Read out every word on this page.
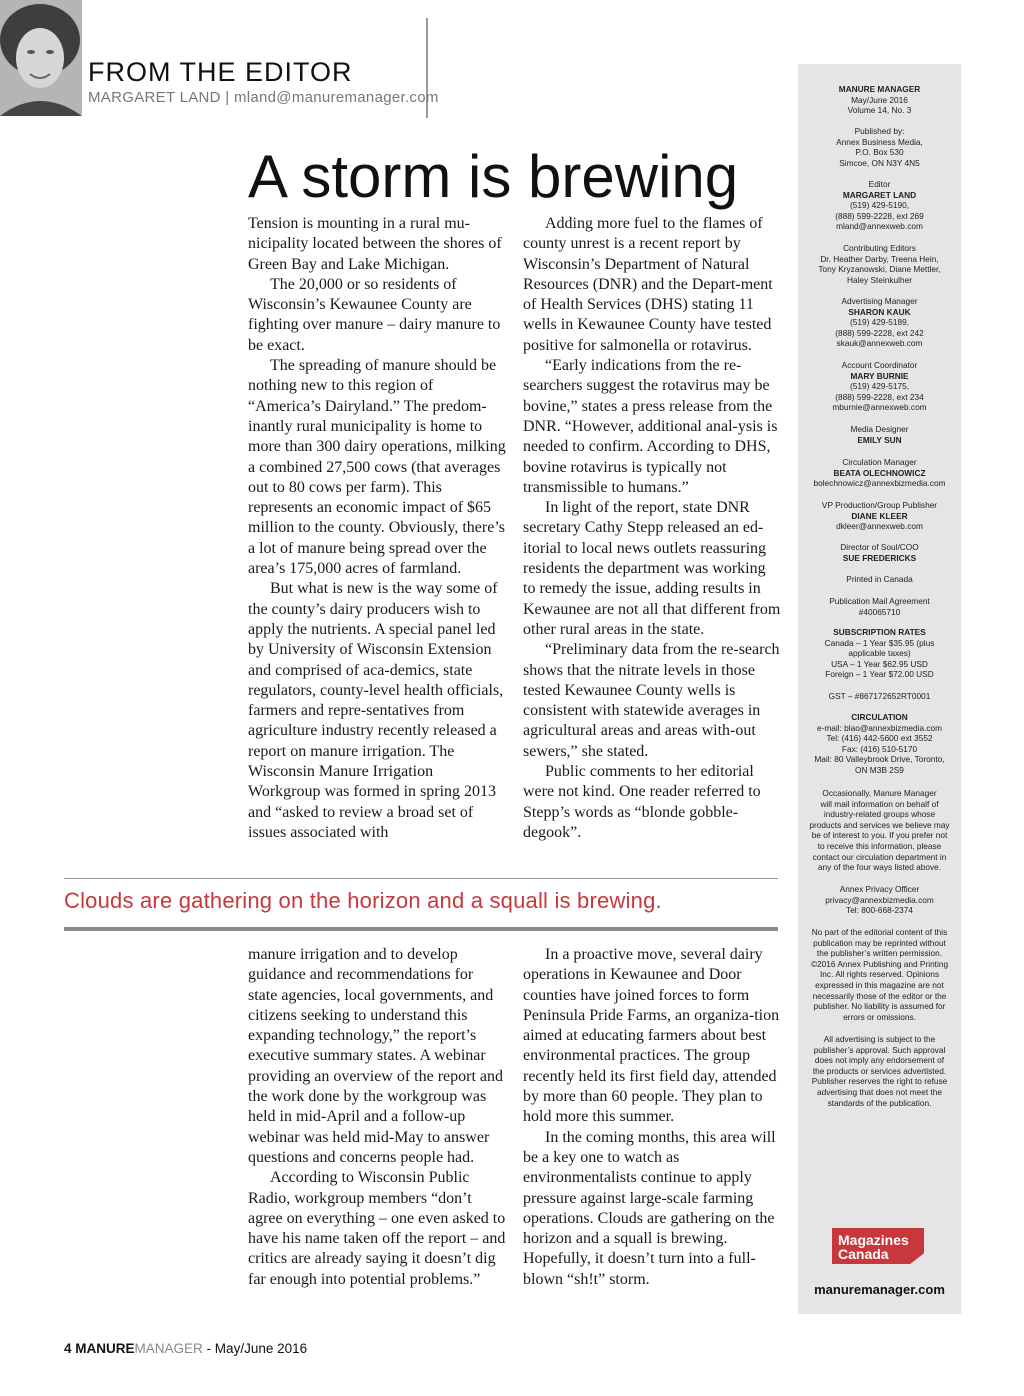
FROM THE EDITOR
MARGARET LAND | mland@manuremanager.com
A storm is brewing

Tension is mounting in a rural mu-nicipality located between the shores of Green Bay and Lake Michigan.

The 20,000 or so residents of Wisconsin’s Kewaunee County are fighting over manure – dairy manure to be exact.

The spreading of manure should be nothing new to this region of “America’s Dairyland.” The predom-inantly rural municipality is home to more than 300 dairy operations, milking a combined 27,500 cows (that averages out to 80 cows per farm). This represents an economic impact of $65 million to the county. Obviously, there’s a lot of manure being spread over the area’s 175,000 acres of farmland.

But what is new is the way some of the county’s dairy producers wish to apply the nutrients. A special panel led by University of Wisconsin Extension and comprised of aca-demics, state regulators, county-level health officials, farmers and repre-sentatives from agriculture industry recently released a report on manure irrigation. The Wisconsin Manure Irrigation Workgroup was formed in spring 2013 and “asked to review a broad set of issues associated with

Adding more fuel to the flames of county unrest is a recent report by Wisconsin’s Department of Natural Resources (DNR) and the Depart-ment of Health Services (DHS) stating 11 wells in Kewaunee County have tested positive for salmonella or rotavirus.

“Early indications from the re-searchers suggest the rotavirus may be bovine,” states a press release from the DNR. “However, additional anal-ysis is needed to confirm. According to DHS, bovine rotavirus is typically not transmissible to humans.”

In light of the report, state DNR secretary Cathy Stepp released an ed-itorial to local news outlets reassuring residents the department was working to remedy the issue, adding results in Kewaunee are not all that different from other rural areas in the state.

“Preliminary data from the re-search shows that the nitrate levels in those tested Kewaunee County wells is consistent with statewide averages in agricultural areas and areas with-out sewers,” she stated.

Public comments to her editorial were not kind. One reader referred to Stepp’s words as “blonde gobble-degook”.

Clouds are gathering on the horizon and a squall is brewing.

manure irrigation and to develop guidance and recommendations for state agencies, local governments, and citizens seeking to understand this expanding technology,” the report’s executive summary states. A webinar providing an overview of the report and the work done by the workgroup was held in mid-April and a follow-up webinar was held mid-May to answer questions and concerns people had.

According to Wisconsin Public Radio, workgroup members “don’t agree on everything – one even asked to have his name taken off the report – and critics are already saying it doesn’t dig far enough into potential problems.”

In a proactive move, several dairy operations in Kewaunee and Door counties have joined forces to form Peninsula Pride Farms, an organiza-tion aimed at educating farmers about best environmental practices. The group recently held its first field day, attended by more than 60 people. They plan to hold more this summer.

In the coming months, this area will be a key one to watch as environmentalists continue to apply pressure against large-scale farming operations. Clouds are gathering on the horizon and a squall is brewing. Hopefully, it doesn’t turn into a full-blown “sh!t” storm.

MANURE MANAGER
May/June 2016
Volume 14, No. 3
Published by:
Annex Business Media,
P.O. Box 530
Simcoe, ON N3Y 4N5
Editor
MARGARET LAND
(519) 429-5190,
(888) 599-2228, ext 269
mland@annexweb.com
Contributing Editors
Dr. Heather Darby, Treena Hein,
Tony Kryzanowski, Diane Mettler,
Haley Steinkulher
Advertising Manager
SHARON KAUK
(519) 429-5189,
(888) 599-2228, ext 242
skauk@annexweb.com
Account Coordinator
MARY BURNIE
(519) 429-5175,
(888) 599-2228, ext 234
mburnie@annexweb.com
Media Designer
EMILY SUN
Circulation Manager
BEATA OLECHNOWICZ
bolechnowicz@annexbizmedia.com
VP Production/Group Publisher
DIANE KLEER
dkleer@annexweb.com
Director of Soul/COO
SUE FREDERICKS
Printed in Canada
Publication Mail Agreement
#40065710
SUBSCRIPTION RATES
Canada – 1 Year $35.95 (plus
applicable taxes)
USA – 1 Year $62.95 USD
Foreign – 1 Year $72.00 USD
GST – #867172652RT0001
CIRCULATION
e-mail: blao@annexbizmedia.com
Tel: (416) 442-5600 ext 3552
Fax: (416) 510-5170
Mail: 80 Valleybrook Drive, Toronto,
ON M3B 2S9
Occasionally, Manure Manager
will mail information on behalf of
industry-related groups whose
products and services we believe may
be of interest to you. If you prefer not
to receive this information, please
contact our circulation department in
any of the four ways listed above.
Annex Privacy Officer
privacy@annexbizmedia.com
Tel: 800-668-2374
No part of the editorial content of this
publication may be reprinted without
the publisher’s written permission.
©2016 Annex Publishing and Printing
Inc. All rights reserved. Opinions
expressed in this magazine are not
necessarily those of the editor or the
publisher. No liability is assumed for
errors or omissions.
All advertising is subject to the
publisher’s approval. Such approval
does not imply any endorsement of
the products or services advertisted.
Publisher reserves the right to refuse
advertising that does not meet the
standards of the publication.
Magazines
Canada
manuremanager.com
4 MANUREMANAGER - May/June 2016
